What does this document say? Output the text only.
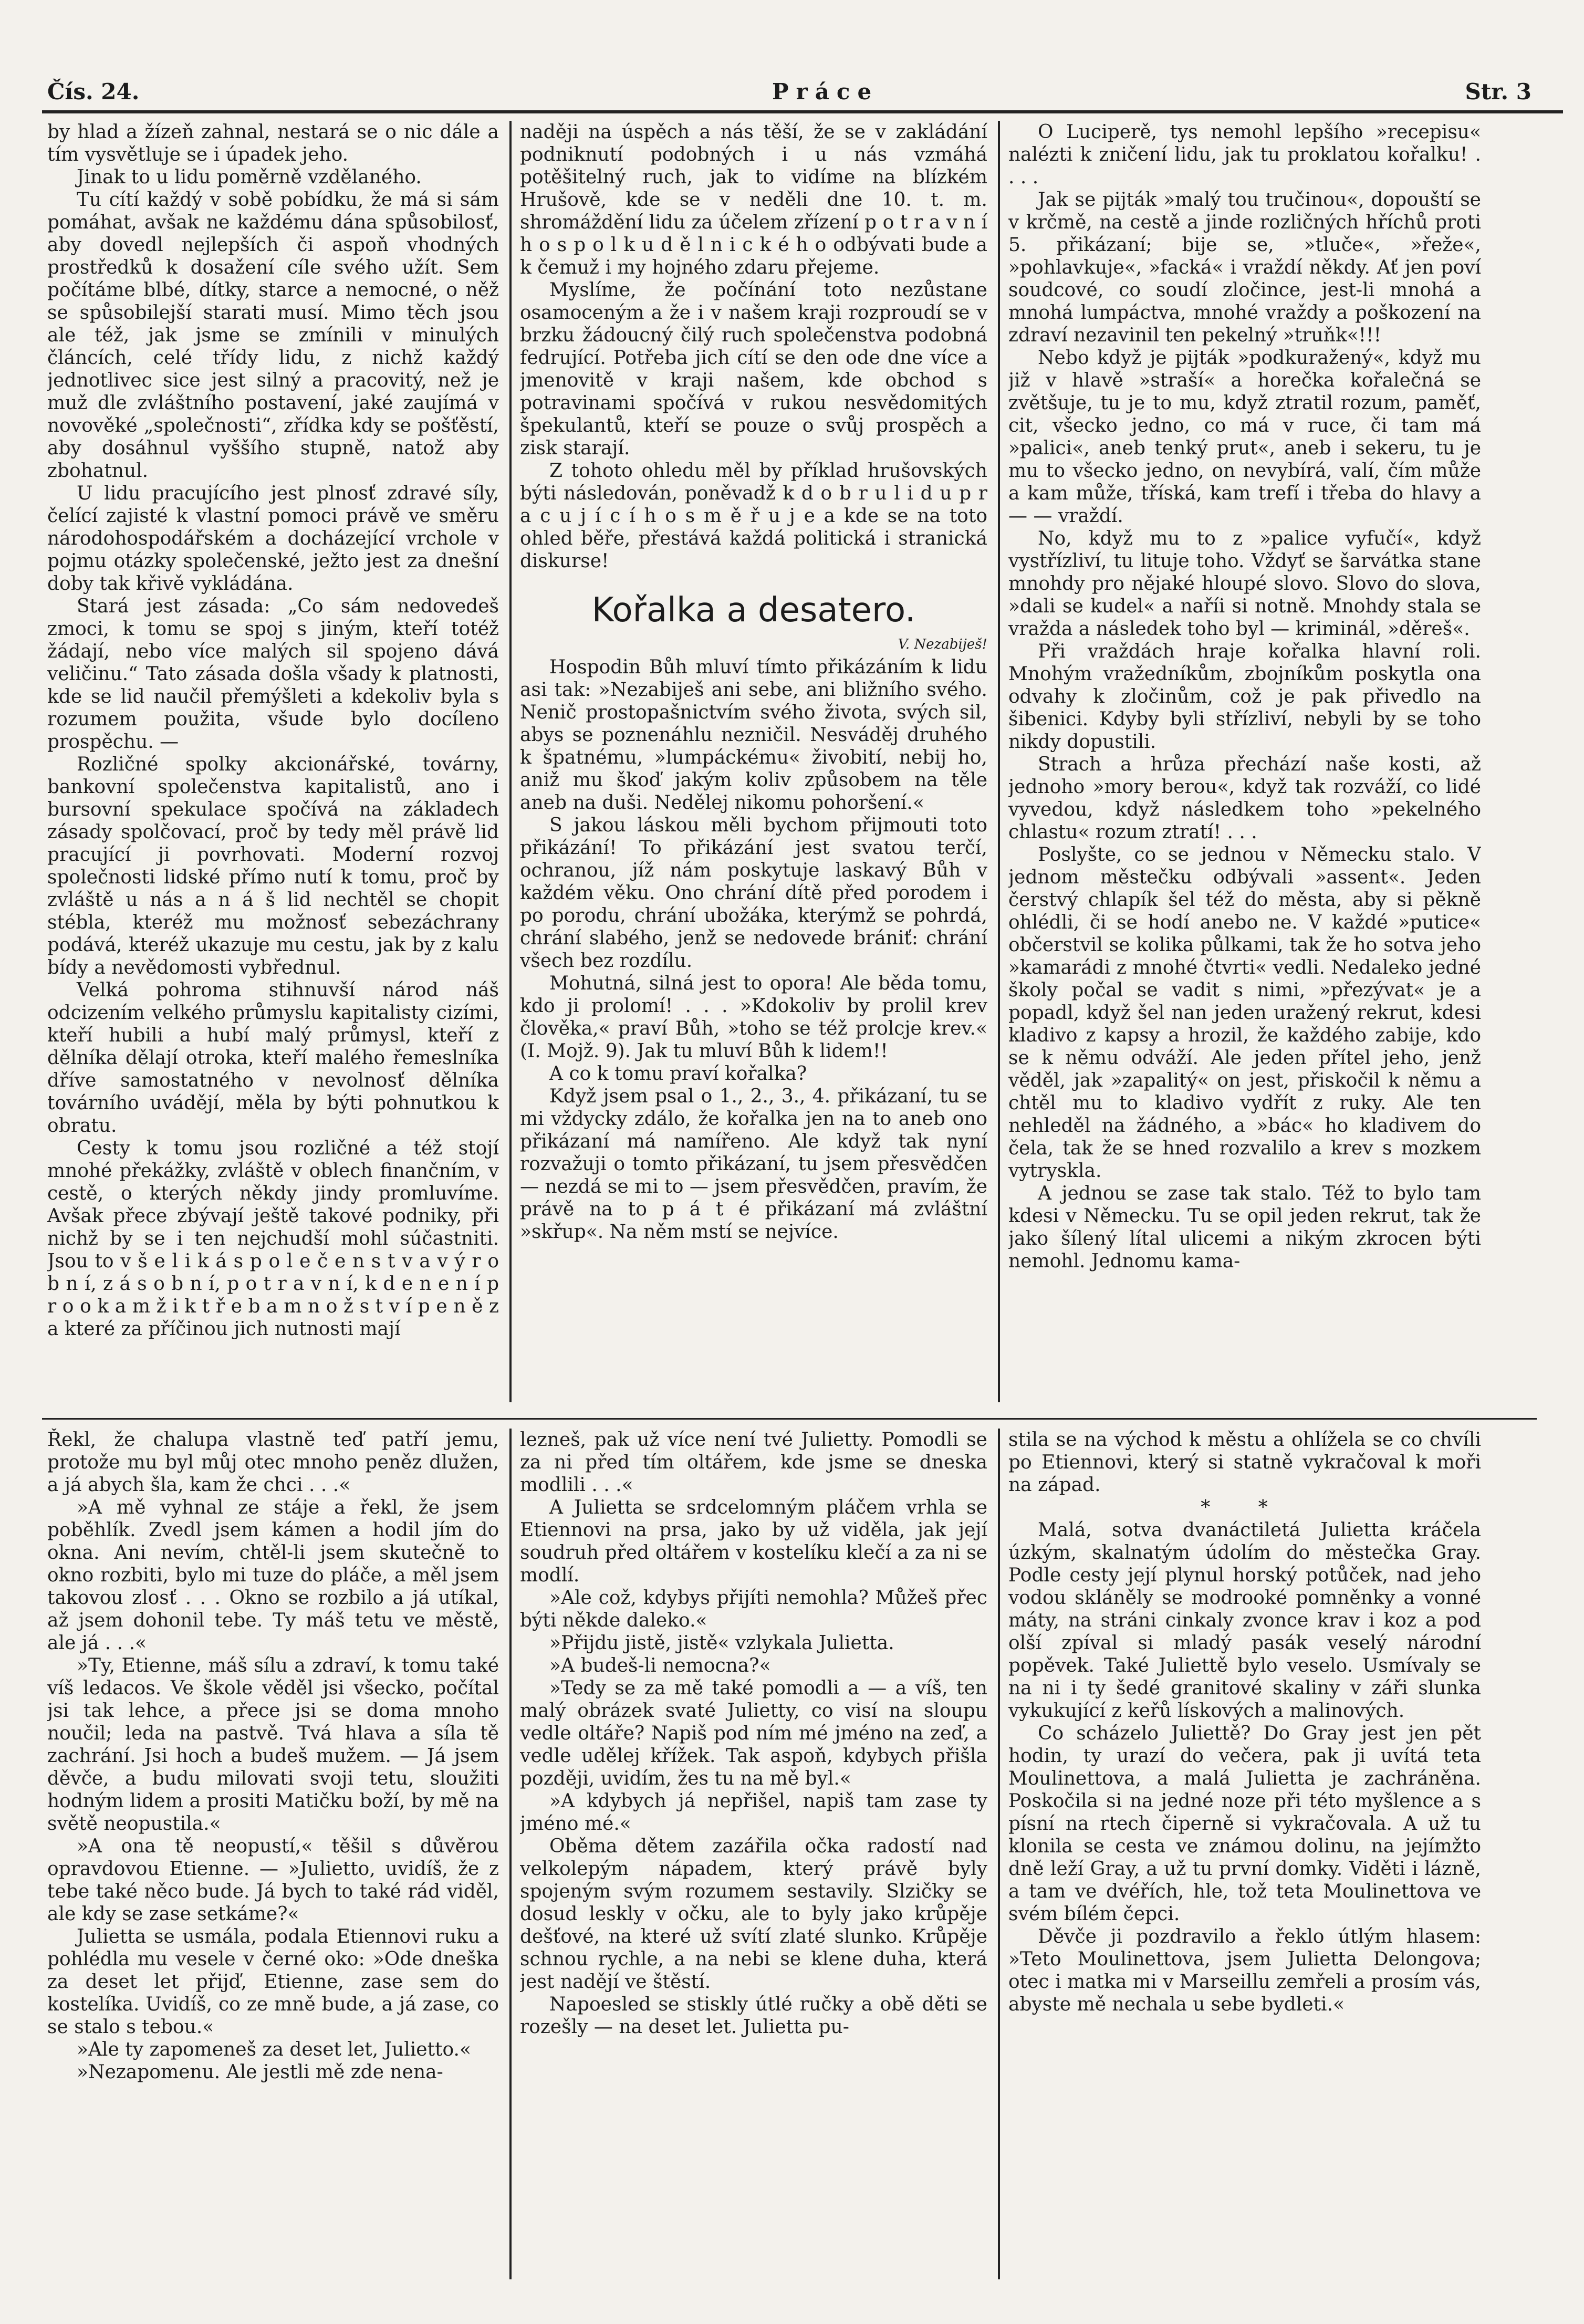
Čís. 24.	Práce	Str. 3

by hlad a žízeň zahnal, nestará se o nic dále a tím vysvětluje se i úpadek jeho.

Jinak to u lidu poměrně vzdělaného.

Tu cítí každý v sobě pobídku, že má si sám pomáhat, avšak ne každému dána spůsobilosť, aby dovedl nejlepších či aspoň vhodných prostředků k dosažení cíle svého užít. Sem počítáme blbé, dítky, starce a nemocné, o něž se spůsobilejší starati musí. Mimo těch jsou ale též, jak jsme se zmínili v minulých článcích, celé třídy lidu, z nichž každý jednotlivec sice jest silný a pracovitý, než je muž dle zvláštního postavení, jaké zaujímá v novověké „společnosti“, zřídka kdy se pošťěstí, aby dosáhnul vyššího stupně, natož aby zbohatnul.

U lidu pracujícího jest plnosť zdravé síly, čelící zajisté k vlastní pomoci právě ve směru národohospodářském a docházející vrchole v pojmu otázky společenské, ježto jest za dnešní doby tak křivě vykládána.

Stará jest zásada: „Co sám nedovedeš zmoci, k tomu se spoj s jiným, kteří totéž žádají, nebo více malých sil spojeno dává veličinu.“ Tato zásada došla všady k platnosti, kde se lid naučil přemýšleti a kdekoliv byla s rozumem použita, všude bylo docíleno prospěchu. —

Rozličné spolky akcionářské, továrny, bankovní společenstva kapitalistů, ano i bursovní spekulace spočívá na základech zásady spolčovací, proč by tedy měl právě lid pracující ji povrhovati. Moderní rozvoj společnosti lidské přímo nutí k tomu, proč by zvláště u nás a n á š lid nechtěl se chopit stébla, kteréž mu možnosť sebezáchrany podává, kteréž ukazuje mu cestu, jak by z kalu bídy a nevědomosti vybřednul.

Velká pohroma stihnuvší národ náš odcizením velkého průmyslu kapitalisty cizími, kteří hubili a hubí malý průmysl, kteří z dělníka dělají otroka, kteří malého řemeslníka dříve samostatného v nevolnosť dělníka továrního uvádějí, měla by býti pohnutkou k obratu.

Cesty k tomu jsou rozličné a též stojí mnohé překážky, zvláště v oblech finančním, v cestě, o kterých někdy jindy promluvíme. Avšak přece zbývají ještě takové podniky, při nichž by se i ten nejchudší mohl súčastniti. Jsou to v š e l i k á s p o l e č e n s t v a v ý r o b n í, z á s o b n í, p o t r a v n í, k d e n e n í p r o o k a m ž i k t ř e b a m n o ž s t v í p e n ě z a které za příčinou jich nutnosti mají

naději na úspěch a nás těší, že se v zakládání podniknutí podobných i u nás vzmáhá potěšitelný ruch, jak to vidíme na blízkém Hrušově, kde se v neděli dne 10. t. m. shromáždění lidu za účelem zřízení p o t r a v n í h o s p o l k u d ě l n i c k é h o odbývati bude a k čemuž i my hojného zdaru přejeme.

Myslíme, že počínání toto nezůstane osamoceným a že i v našem kraji rozproudí se v brzku žádoucný čilý ruch společenstva podobná fedrující. Potřeba jich cítí se den ode dne více a jmenovitě v kraji našem, kde obchod s potravinami spočívá v rukou nesvědomitých špekulantů, kteří se pouze o svůj prospěch a zisk starají.

Z tohoto ohledu měl by příklad hrušovských býti následován, poněvadž k d o b r u l i d u p r a c u j í c í h o s m ě ř u j e a kde se na toto ohled běře, přestává každá politická i stranická diskurse!

Kořalka a desatero.

V. Nezabiješ!

Hospodin Bůh mluví tímto přikázáním k lidu asi tak: »Nezabiješ ani sebe, ani bližního svého. Nenič prostopašnictvím svého života, svých sil, abys se poznenáhlu nezničil. Nesváděj druhého k špatnému, »lumpáckému« živobití, nebij ho, aniž mu škoď jakým koliv způsobem na těle aneb na duši. Nedělej nikomu pohoršení.«

S jakou láskou měli bychom přijmouti toto přikázání! To přikázání jest svatou terčí, ochranou, jíž nám poskytuje laskavý Bůh v každém věku. Ono chrání dítě před porodem i po porodu, chrání ubožáka, kterýmž se pohrdá, chrání slabého, jenž se nedovede brániť: chrání všech bez rozdílu.

Mohutná, silná jest to opora! Ale běda tomu, kdo ji prolomí! . . . »Kdokoliv by prolil krev člověka,« praví Bůh, »toho se též prolcje krev.« (I. Mojž. 9). Jak tu mluví Bůh k lidem!!

A co k tomu praví kořalka?

Když jsem psal o 1., 2., 3., 4. přikázaní, tu se mi vždycky zdálo, že kořalka jen na to aneb ono přikázaní má namířeno. Ale když tak nyní rozvažuji o tomto přikázaní, tu jsem přesvědčen — nezdá se mi to — jsem přesvědčen, pravím, že právě na to p á t é přikázaní má zvláštní »skřup«. Na něm mstí se nejvíce.

O Luciperě, tys nemohl lepšího »recepisu« nalézti k zničení lidu, jak tu proklatou kořalku! . . . .

Jak se pijták »malý tou tručinou«, dopouští se v krčmě, na cestě a jinde rozličných hříchů proti 5. přikázaní; bije se, »tluče«, »řeže«, »pohlavkuje«, »facká« i vraždí někdy. Ať jen poví soudcové, co soudí zločince, jest-li mnohá a mnohá lumpáctva, mnohé vraždy a poškození na zdraví nezavinil ten pekelný »truňk«!!!

Nebo když je pijták »podkuražený«, když mu již v hlavě »straší« a horečka kořalečná se zvětšuje, tu je to mu, když ztratil rozum, paměť, cit, všecko jedno, co má v ruce, či tam má »palici«, aneb tenký prut«, aneb i sekeru, tu je mu to všecko jedno, on nevybírá, valí, čím může a kam může, tříská, kam trefí i třeba do hlavy a — — vraždí.

No, když mu to z »palice vyfučí«, když vystřízliví, tu lituje toho. Vždyť se šarvátka stane mnohdy pro nějaké hloupé slovo. Slovo do slova, »dali se kudel« a naříi si notně. Mnohdy stala se vražda a následek toho byl — kriminál, »děreš«.

Při vraždách hraje kořalka hlavní roli. Mnohým vražedníkům, zbojníkům poskytla ona odvahy k zločinům, což je pak přivedlo na šibenici. Kdyby byli střízliví, nebyli by se toho nikdy dopustili.

Strach a hrůza přechází naše kosti, až jednoho »mory berou«, když tak rozváží, co lidé vyvedou, když následkem toho »pekelného chlastu« rozum ztratí! . . .

Poslyšte, co se jednou v Německu stalo. V jednom městečku odbývali »assent«. Jeden čerstvý chlapík šel též do města, aby si pěkně ohlédli, či se hodí anebo ne. V každé »putice« občerstvil se kolika půlkami, tak že ho sotva jeho »kamarádi z mnohé čtvrti« vedli. Nedaleko jedné školy počal se vadit s nimi, »přezývat« je a popadl, když šel nan jeden uražený rekrut, kdesi kladivo z kapsy a hrozil, že každého zabije, kdo se k němu odváží. Ale jeden přítel jeho, jenž věděl, jak »zapalitý« on jest, přiskočil k němu a chtěl mu to kladivo vydřít z ruky. Ale ten nehleděl na žádného, a »bác« ho kladivem do čela, tak že se hned rozvalilo a krev s mozkem vytryskla.

A jednou se zase tak stalo. Též to bylo tam kdesi v Německu. Tu se opil jeden rekrut, tak že jako šílený lítal ulicemi a nikým zkrocen býti nemohl. Jednomu kama-

Řekl, že chalupa vlastně teď patří jemu, protože mu byl můj otec mnoho peněz dlužen, a já abych šla, kam že chci . . .«

»A mě vyhnal ze stáje a řekl, že jsem poběhlík. Zvedl jsem kámen a hodil jím do okna. Ani nevím, chtěl-li jsem skutečně to okno rozbiti, bylo mi tuze do pláče, a měl jsem takovou zlosť . . . Okno se rozbilo a já utíkal, až jsem dohonil tebe. Ty máš tetu ve městě, ale já . . .«

»Ty, Etienne, máš sílu a zdraví, k tomu také víš ledacos. Ve škole věděl jsi všecko, počítal jsi tak lehce, a přece jsi se doma mnoho nоučil; leda na pastvě. Tvá hlava a síla tě zachrání. Jsi hoch a budeš mužem. — Já jsem děvče, a budu milovati svoji tetu, sloužiti hodným lidem a prositi Matičku boží, by mě na světě neopustila.«

»A ona tě neopustí,« těšil s důvěrou opravdovou Etienne. — »Julietto, uvidíš, že z tebe také něco bude. Já bych to také rád viděl, ale kdy se zase setkáme?«

Julietta se usmála, podala Etiennovi ruku a pohlédla mu vesele v černé oko: »Ode dneška za deset let přijď, Etienne, zase sem do kostelíka. Uvidíš, co ze mně bude, a já zase, co se stalo s tebou.«

»Ale ty zapomeneš za deset let, Julietto.«

»Nezapomenu. Ale jestli mě zde nena-

lezneš, pak už více není tvé Julietty. Pomodli se za ni před tím oltářem, kde jsme se dneska modlili . . .«

A Julietta se srdcelomným pláčem vrhla se Etiennovi na prsa, jako by už viděla, jak její soudruh před oltářem v kostelíku klečí a za ni se modlí.

»Ale což, kdybys přijíti nemohla? Můžeš přec býti někde daleko.«

»Přijdu jistě, jistě« vzlykala Julietta.

»A budeš-li nemocna?«

»Tedy se za mě také pomodli a — a víš, ten malý obrázek svaté Julietty, co visí na sloupu vedle oltáře? Napiš pod ním mé jméno na zeď, a vedle udělej křížek. Tak aspoň, kdybych přišla později, uvidím, žes tu na mě byl.«

»A kdybych já nepřišel, napiš tam zase ty jméno mé.«

Oběma dětem zazářila očka radostí nad velkolepým nápadem, který právě byly spojeným svým rozumem sestavily. Slzičky se dosud leskly v očku, ale to byly jako krůpěje dešťové, na které už svítí zlaté slunko. Krůpěje schnou rychle, a na nebi se klene duha, která jest nadějí ve štěstí.

Napoesled se stiskly útlé ručky a obě děti se rozešly — na deset let. Julietta pu-

stila se na východ k městu a ohlížela se co chvíli po Etiennovi, který si statně vykračoval k moři na západ.

* *

Malá, sotva dvanáctiletá Julietta kráčela úzkým, skalnatým údolím do městečka Gray. Podle cesty její plynul horský potůček, nad jeho vodou skláněly se modrooké pomněnky a vonné máty, na stráni cinkaly zvonce krav i koz a pod olší zpíval si mladý pasák veselý národní popěvek. Také Juliettě bylo veselo. Usmívaly se na ni i ty šedé granitové skaliny v záři slunka vykukující z keřů lískových a malinových.

Co scházelo Juliettě? Do Gray jest jen pět hodin, ty urazí do večera, pak ji uvítá teta Moulinettova, a malá Julietta je zachráněna. Poskočila si na jedné noze při této myšlence a s písní na rtech čiperně si vykračovala. A už tu klonila se cesta ve známou dolinu, na jejímžto dně leží Gray, a už tu první domky. Viděti i lázně, a tam ve dvéřích, hle, tož teta Moulinettova ve svém bílém čepci.

Děvče ji pozdravilo a řeklo útlým hlasem: »Teto Moulinettova, jsem Julietta Delongova; otec i matka mi v Marseillu zemřeli a prosím vás, abyste mě nechala u sebe bydleti.«
